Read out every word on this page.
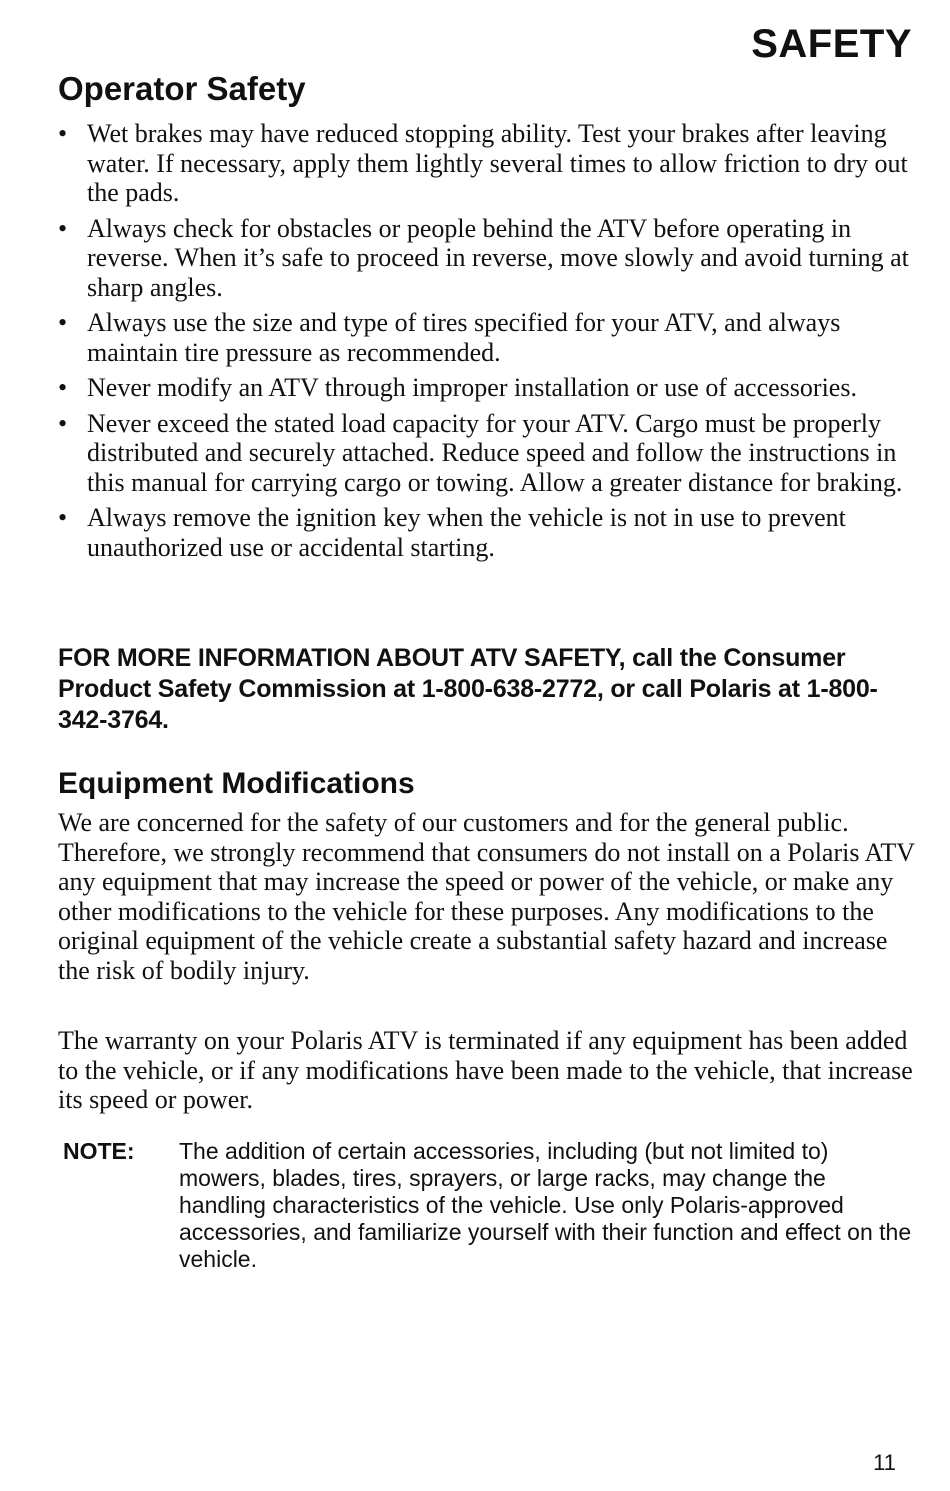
SAFETY
Operator Safety
• Wet brakes may have reduced stopping ability. Test your brakes after leaving water. If necessary, apply them lightly several times to allow friction to dry out the pads.
• Always check for obstacles or people behind the ATV before operating in reverse. When it’s safe to proceed in reverse, move slowly and avoid turning at sharp angles.
• Always use the size and type of tires specified for your ATV, and always maintain tire pressure as recommended.
• Never modify an ATV through improper installation or use of accessories.
• Never exceed the stated load capacity for your ATV. Cargo must be properly distributed and securely attached. Reduce speed and follow the instructions in this manual for carrying cargo or towing. Allow a greater distance for braking.
• Always remove the ignition key when the vehicle is not in use to prevent unauthorized use or accidental starting.

FOR MORE INFORMATION ABOUT ATV SAFETY, call the Consumer Product Safety Commission at 1-800-638-2772, or call Polaris at 1-800-342-3764.

Equipment Modifications

We are concerned for the safety of our customers and for the general public. Therefore, we strongly recommend that consumers do not install on a Polaris ATV any equipment that may increase the speed or power of the vehicle, or make any other modifications to the vehicle for these purposes. Any modifications to the original equipment of the vehicle create a substantial safety hazard and increase the risk of bodily injury.

The warranty on your Polaris ATV is terminated if any equipment has been added to the vehicle, or if any modifications have been made to the vehicle, that increase its speed or power.

NOTE: The addition of certain accessories, including (but not limited to) mowers, blades, tires, sprayers, or large racks, may change the handling characteristics of the vehicle. Use only Polaris-approved accessories, and familiarize yourself with their function and effect on the vehicle.
11
